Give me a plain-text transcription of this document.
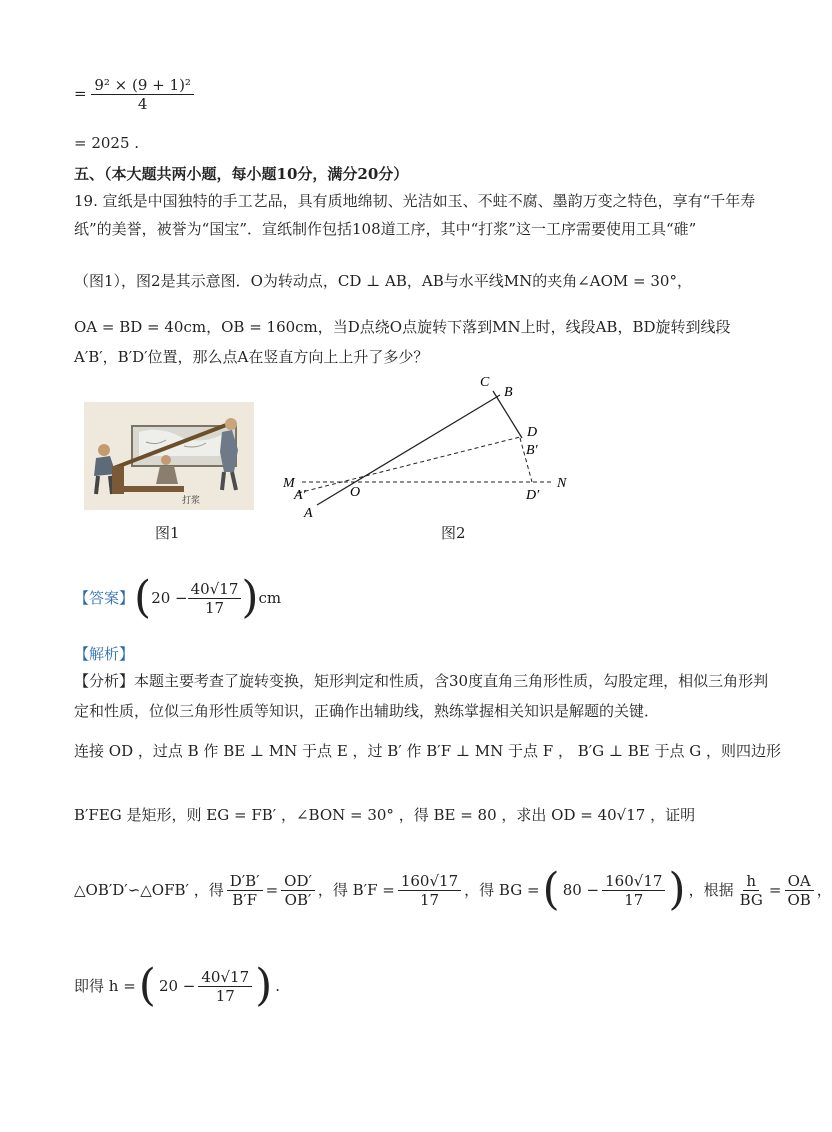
= $\frac{\text{9² × (9 + 1)²}}{4}$
= 2025 .
五、（本大题共两小题，每小题10分，满分20分）
19. 宣纸是中国独特的手工艺品，具有质地绵韧、光洁如玉、不蛀不腐、墨韵万变之特色，享有“千年寿
纸”的美誉，被誉为“国宝”．宣纸制作包括108道工序，其中“打浆”这一工序需要使用工具“碓”
（图1），图2是其示意图．O为转动点，CD ⊥ AB，AB与水平线MN的夹角∠AOM = 30°，
OA = BD = 40cm，OB = 160cm，当D点绕O点旋转下落到MN上时，线段AB，BD旋转到线段
A′B′，B′D′位置，那么点A在竖直方向上上升了多少？
打浆
图1
C
B
D
B′
M	N
A′	O	D′
A
图2
【答案】 ( $20 - \frac{40√17}{17}$ ) cm
【解析】
【分析】本题主要考查了旋转变换，矩形判定和性质，含30度直角三角形性质，勾股定理，相似三角形判
定和性质，位似三角形性质等知识，正确作出辅助线，熟练掌握相关知识是解题的关键．
连接 OD ，过点 B 作 BE ⊥ MN 于点 E ，过 B′ 作 B′F ⊥ MN 于点 F ， B′G ⊥ BE 于点 G ，则四边形
B′FEG 是矩形，则 EG = FB′ ，∠BON = 30° ，得 BE = 80 ，求出 OD = 40√17 ，证明
△OB′D′∽△OFB′ ，得 $\frac{D'B'}{B'F} = \frac{OD'}{OB'}$ ，得 $B'F = \frac{160√17}{17}$ ，得 BG = ( $80 - \frac{160√17}{17}$ ) ，根据 $\frac{h}{BG} = \frac{OA}{OB}$ ，
即得 h = ( $20 - \frac{40√17}{17}$ ) .
